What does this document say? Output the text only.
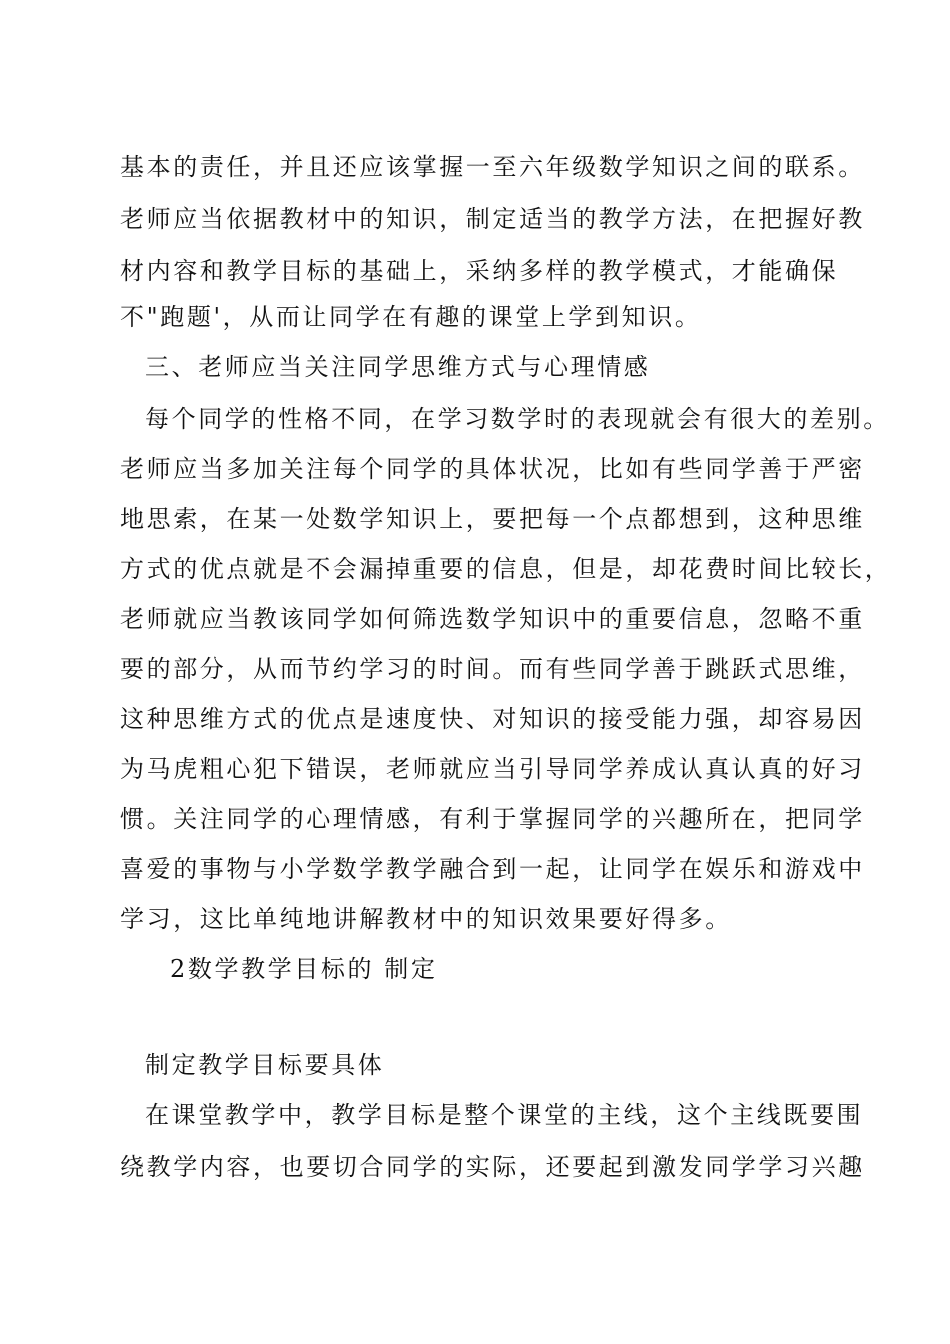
基本的责任，并且还应该掌握一至六年级数学知识之间的联系。
老师应当依据教材中的知识，制定适当的教学方法，在把握好教
材内容和教学目标的基础上，采纳多样的教学模式，才能确保
不"跑题'，从而让同学在有趣的课堂上学到知识。
三、老师应当关注同学思维方式与心理情感
每个同学的性格不同，在学习数学时的表现就会有很大的差别。
老师应当多加关注每个同学的具体状况，比如有些同学善于严密
地思索，在某一处数学知识上，要把每一个点都想到，这种思维
方式的优点就是不会漏掉重要的信息，但是，却花费时间比较长，
老师就应当教该同学如何筛选数学知识中的重要信息，忽略不重
要的部分，从而节约学习的时间。而有些同学善于跳跃式思维，
这种思维方式的优点是速度快、对知识的接受能力强，却容易因
为马虎粗心犯下错误，老师就应当引导同学养成认真认真的好习
惯。关注同学的心理情感，有利于掌握同学的兴趣所在，把同学
喜爱的事物与小学数学教学融合到一起，让同学在娱乐和游戏中
学习，这比单纯地讲解教材中的知识效果要好得多。
2数学教学目标的 制定
制定教学目标要具体
在课堂教学中，教学目标是整个课堂的主线，这个主线既要围
绕教学内容，也要切合同学的实际，还要起到激发同学学习兴趣
